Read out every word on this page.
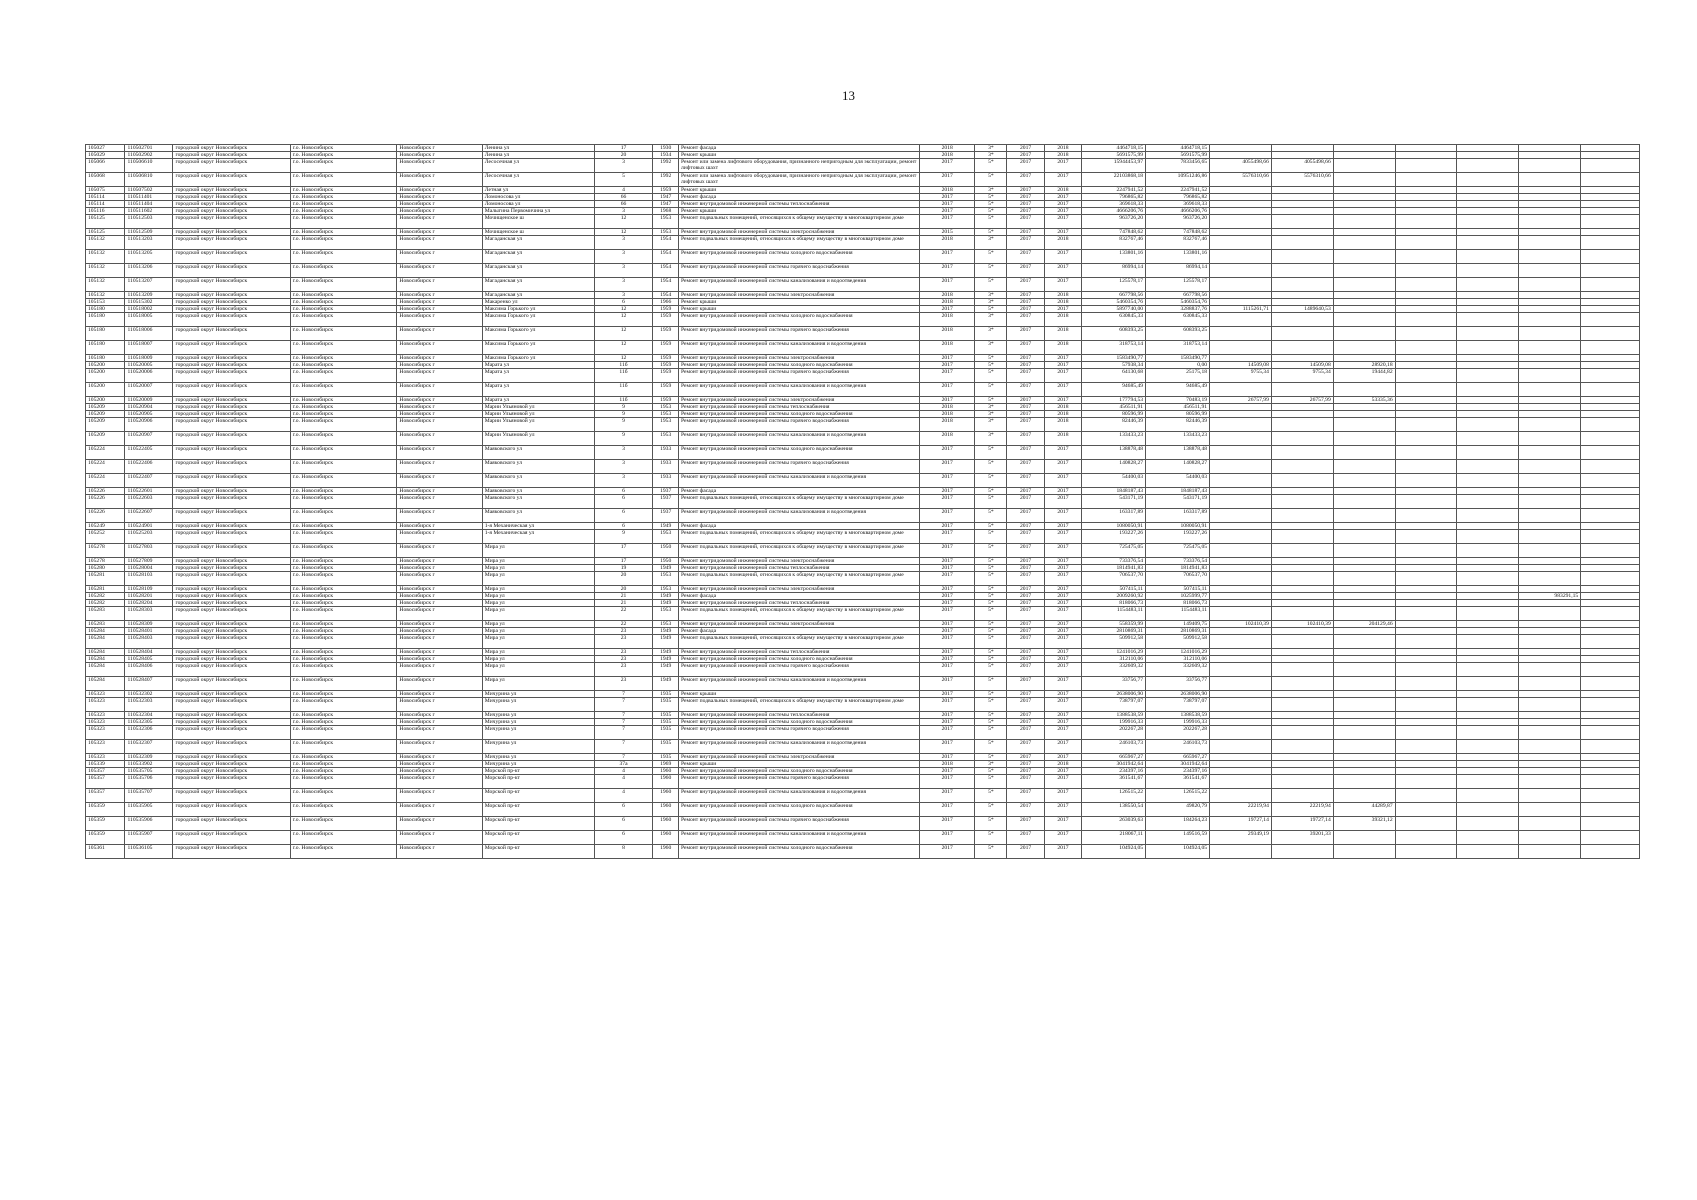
13
105027	110502701	городской округ Новосибирск	г.о. Новосибирск	Новосибирск г	Ленина ул	17	1930	Ремонт фасада	2018	3*	2017	2018	4464718,15	4464718,15							
105029	110502902	городской округ Новосибирск	г.о. Новосибирск	Новосибирск г	Ленина ул	20	1934	Ремонт крыши	2018	3*	2017	2018	5691575,99	5691575,99							
105066	110506610	городской округ Новосибирск	г.о. Новосибирск	Новосибирск г	Лесосечная ул	3	1992	Ремонт или замена лифтового оборудования, признанного непригодным для эксплуатации, ремонт лифтовых шахт	2017	5*	2017	2017	15944453,97	7833456,65	4055498,66	4055498,66					
105068	110506810	городской округ Новосибирск	г.о. Новосибирск	Новосибирск г	Лесосечная ул	5	1992	Ремонт или замена лифтового оборудования, признанного непригодным для эксплуатации, ремонт лифтовых шахт	2017	5*	2017	2017	22103868,18	10951246,86	5576310,66	5576310,66					
105075	110507502	городской округ Новосибирск	г.о. Новосибирск	Новосибирск г	Летная ул	4	1959	Ремонт крыши	2018	3*	2017	2018	2247941,52	2247941,52							
105114	110511401	городской округ Новосибирск	г.о. Новосибирск	Новосибирск г	Ломоносова ул	66	1947	Ремонт фасада	2017	5*	2017	2017	796865,82	796865,82							
105114	110511404	городской округ Новосибирск	г.о. Новосибирск	Новосибирск г	Ломоносова ул	66	1947	Ремонт внутридомовой инженерной системы теплоснабжения	2017	5*	2017	2017	369618,33	369618,33							
105116	110511602	городской округ Новосибирск	г.о. Новосибирск	Новосибирск г	Малыгина Первомичина ул	3	1968	Ремонт крыши	2017	5*	2017	2017	4666206,76	4666206,76							
105125	110512503	городской округ Новосибирск	г.о. Новосибирск	Новосибирск г	Мочищенское ш	12	1953	Ремонт подвальных помещений, относящихся к общему имуществу в многоквартирном доме	2017	5*	2017	2017	963726,20	963726,20							
105125	110512509	городской округ Новосибирск	г.о. Новосибирск	Новосибирск г	Мочищенское ш	12	1953	Ремонт внутридомовой инженерной системы электроснабжения	2015	5*	2017	2017	747848,62	747848,62							
105132	110513203	городской округ Новосибирск	г.о. Новосибирск	Новосибирск г	Магаданская ул	3	1954	Ремонт подвальных помещений, относящихся к общему имуществу в многоквартирном доме	2018	3*	2017	2018	832767,46	832767,46							
105132	110513205	городской округ Новосибирск	г.о. Новосибирск	Новосибирск г	Магаданская ул	3	1954	Ремонт внутридомовой инженерной системы холодного водоснабжения	2017	5*	2017	2017	133801,16	133801,16							
105132	110513206	городской округ Новосибирск	г.о. Новосибирск	Новосибирск г	Магаданская ул	3	1954	Ремонт внутридомовой инженерной системы горячего водоснабжения	2017	5*	2017	2017	86994,14	86994,14							
105132	110513207	городской округ Новосибирск	г.о. Новосибирск	Новосибирск г	Магаданская ул	3	1954	Ремонт внутридомовой инженерной системы канализования и водоотведения	2017	5*	2017	2017	125578,17	125578,17							
105132	110513209	городской округ Новосибирск	г.о. Новосибирск	Новосибирск г	Магаданская ул	3	1954	Ремонт внутридомовой инженерной системы электроснабжения	2018	3*	2017	2018	667798,56	667798,56							
105153	110515302	городской округ Новосибирск	г.о. Новосибирск	Новосибирск г	Макаренко ул	6	1966	Ремонт крыши	2018	3*	2017	2018	5460354,76	5460354,76							
105180	110518002	городской округ Новосибирск	г.о. Новосибирск	Новосибирск г	Максима Горького ул	12	1959	Ремонт крыши	2017	5*	2017	2017	5897740,00	3288837,76	1115261,71	1489640,53					
105180	110518005	городской округ Новосибирск	г.о. Новосибирск	Новосибирск г	Максима Горького ул	12	1959	Ремонт внутридомовой инженерной системы холодного водоснабжения	2018	3*	2017	2018	630845,33	630845,33							
105180	110518006	городской округ Новосибирск	г.о. Новосибирск	Новосибирск г	Максима Горького ул	12	1959	Ремонт внутридомовой инженерной системы горячего водоснабжения	2018	3*	2017	2018	608393,25	608393,25							
105180	110518007	городской округ Новосибирск	г.о. Новосибирск	Новосибирск г	Максима Горького ул	12	1959	Ремонт внутридомовой инженерной системы канализования и водоотведения	2018	3*	2017	2018	318753,14	318753,14							
105180	110518009	городской округ Новосибирск	г.о. Новосибирск	Новосибирск г	Максима Горького ул	12	1959	Ремонт внутридомовой инженерной системы электроснабжения	2017	5*	2017	2017	1583490,77	1583490,77							
105200	110520005	городской округ Новосибирск	г.о. Новосибирск	Новосибирск г	Марата ул	11б	1959	Ремонт внутридомовой инженерной системы холодного водоснабжения	2017	5*	2017	2017	57938,34	0,00	14509,08	14509,08	28920,18				
105200	110520006	городской округ Новосибирск	г.о. Новосибирск	Новосибирск г	Марата ул	11б	1959	Ремонт внутридомовой инженерной системы горячего водоснабжения	2017	5*	2017	2017	64130,68	25175,18	9755,34	9755,34	19444,82				
105200	110520007	городской округ Новосибирск	г.о. Новосибирск	Новосибирск г	Марата ул	11б	1959	Ремонт внутридомовой инженерной системы канализования и водоотведения	2017	5*	2017	2017	94685,49	94685,49							
105200	110520009	городской округ Новосибирск	г.о. Новосибирск	Новосибирск г	Марата ул	11б	1959	Ремонт внутридомовой инженерной системы электроснабжения	2017	5*	2017	2017	177794,53	70483,19	26757,99	26757,99	53335,36				
105209	110520904	городской округ Новосибирск	г.о. Новосибирск	Новосибирск г	Марии Ульяновой ул	9	1953	Ремонт внутридомовой инженерной системы теплоснабжения	2018	3*	2017	2018	456511,91	456511,91							
105209	110520905	городской округ Новосибирск	г.о. Новосибирск	Новосибирск г	Марии Ульяновой ул	9	1953	Ремонт внутридомовой инженерной системы холодного водоснабжения	2018	3*	2017	2018	80596,99	80596,99							
105209	110520906	городской округ Новосибирск	г.о. Новосибирск	Новосибирск г	Марии Ульяновой ул	9	1953	Ремонт внутридомовой инженерной системы горячего водоснабжения	2018	3*	2017	2018	82446,39	82446,39							
105209	110520907	городской округ Новосибирск	г.о. Новосибирск	Новосибирск г	Марии Ульяновой ул	9	1953	Ремонт внутридомовой инженерной системы канализования и водоотведения	2018	3*	2017	2018	133433,23	133433,23							
105224	110522405	городской округ Новосибирск	г.о. Новосибирск	Новосибирск г	Маяковского ул	3	1933	Ремонт внутридомовой инженерной системы холодного водоснабжения	2017	5*	2017	2017	138878,48	138878,48							
105224	110522406	городской округ Новосибирск	г.о. Новосибирск	Новосибирск г	Маяковского ул	3	1933	Ремонт внутридомовой инженерной системы горячего водоснабжения	2017	5*	2017	2017	140828,27	140828,27							
105224	110522407	городской округ Новосибирск	г.о. Новосибирск	Новосибирск г	Маяковского ул	3	1933	Ремонт внутридомовой инженерной системы канализования и водоотведения	2017	5*	2017	2017	54400,03	54400,03							
105226	110522601	городской округ Новосибирск	г.о. Новосибирск	Новосибирск г	Маяковского ул	6	1937	Ремонт фасада	2017	5*	2017	2017	1848187,43	1848187,43							
105226	110522603	городской округ Новосибирск	г.о. Новосибирск	Новосибирск г	Маяковского ул	6	1937	Ремонт подвальных помещений, относящихся к общему имуществу в многоквартирном доме	2017	5*	2017	2017	543171,19	543171,19							
105226	110522607	городской округ Новосибирск	г.о. Новосибирск	Новосибирск г	Маяковского ул	6	1937	Ремонт внутридомовой инженерной системы канализования и водоотведения	2017	5*	2017	2017	163317,89	163317,89							
105249	110524901	городской округ Новосибирск	г.о. Новосибирск	Новосибирск г	1-я Механическая ул	6	1949	Ремонт фасада	2017	5*	2017	2017	1080050,91	1080050,91							
105252	110525203	городской округ Новосибирск	г.о. Новосибирск	Новосибирск г	1-я Механическая ул	9	1953	Ремонт подвальных помещений, относящихся к общему имуществу в многоквартирном доме	2017	5*	2017	2017	193227,26	193227,26							
105278	110527803	городской округ Новосибирск	г.о. Новосибирск	Новосибирск г	Мира ул	17	1950	Ремонт подвальных помещений, относящихся к общему имуществу в многоквартирном доме	2017	5*	2017	2017	725475,05	725475,05							
105278	110527809	городской округ Новосибирск	г.о. Новосибирск	Новосибирск г	Мира ул	17	1950	Ремонт внутридомовой инженерной системы электроснабжения	2017	5*	2017	2017	733376,54	733376,54							
105280	110528004	городской округ Новосибирск	г.о. Новосибирск	Новосибирск г	Мира ул	19	1949	Ремонт внутридомовой инженерной системы теплоснабжения	2017	5*	2017	2017	1814941,83	1814941,83							
105281	110528103	городской округ Новосибирск	г.о. Новосибирск	Новосибирск г	Мира ул	20	1953	Ремонт подвальных помещений, относящихся к общему имуществу в многоквартирном доме	2017	5*	2017	2017	706537,70	706537,70							
105281	110528109	городской округ Новосибирск	г.о. Новосибирск	Новосибирск г	Мира ул	20	1953	Ремонт внутридомовой инженерной системы электроснабжения	2017	5*	2017	2017	507415,11	507415,11							
105282	110528201	городской округ Новосибирск	г.о. Новосибирск	Новосибирск г	Мира ул	21	1949	Ремонт фасада	2017	5*	2017	2017	2009260,92	1025999,77						983291,15	
105282	110528204	городской округ Новосибирск	г.о. Новосибирск	Новосибирск г	Мира ул	21	1949	Ремонт внутридомовой инженерной системы теплоснабжения	2017	5*	2017	2017	818066,73	818066,73							
105283	110528303	городской округ Новосибирск	г.о. Новосибирск	Новосибирск г	Мира ул	22	1953	Ремонт подвальных помещений, относящихся к общему имуществу в многоквартирном доме	2017	5*	2017	2017	1154483,11	1154483,11							
105283	110528309	городской округ Новосибирск	г.о. Новосибирск	Новосибирск г	Мира ул	22	1953	Ремонт внутридомовой инженерной системы электроснабжения	2017	5*	2017	2017	558359,99	149409,75	102410,39	102410,39	204129,46				
105284	110528401	городской округ Новосибирск	г.о. Новосибирск	Новосибирск г	Мира ул	23	1949	Ремонт фасада	2017	5*	2017	2017	2810869,31	2810869,31							
105284	110528403	городской округ Новосибирск	г.о. Новосибирск	Новосибирск г	Мира ул	23	1949	Ремонт подвальных помещений, относящихся к общему имуществу в многоквартирном доме	2017	5*	2017	2017	509912,58	509912,58							
105284	110528404	городской округ Новосибирск	г.о. Новосибирск	Новосибирск г	Мира ул	23	1949	Ремонт внутридомовой инженерной системы теплоснабжения	2017	5*	2017	2017	1241016,29	1241016,29							
105284	110528405	городской округ Новосибирск	г.о. Новосибирск	Новосибирск г	Мира ул	23	1949	Ремонт внутридомовой инженерной системы холодного водоснабжения	2017	5*	2017	2017	312110,06	312110,06							
105284	110528406	городской округ Новосибирск	г.о. Новосибирск	Новосибирск г	Мира ул	23	1949	Ремонт внутридомовой инженерной системы горячего водоснабжения	2017	5*	2017	2017	332609,32	332609,32							
105284	110528407	городской округ Новосибирск	г.о. Новосибирск	Новосибирск г	Мира ул	23	1949	Ремонт внутридомовой инженерной системы канализования и водоотведения	2017	5*	2017	2017	33756,77	33756,77							
105323	110532302	городской округ Новосибирск	г.о. Новосибирск	Новосибирск г	Мичурина ул	7	1935	Ремонт крыши	2017	5*	2017	2017	2638006,90	2638006,90							
105323	110532303	городской округ Новосибирск	г.о. Новосибирск	Новосибирск г	Мичурина ул	7	1935	Ремонт подвальных помещений, относящихся к общему имуществу в многоквартирном доме	2017	5*	2017	2017	738797,07	738797,07							
105323	110532304	городской округ Новосибирск	г.о. Новосибирск	Новосибирск г	Мичурина ул	7	1935	Ремонт внутридомовой инженерной системы теплоснабжения	2017	5*	2017	2017	1388538,59	1388538,59							
105323	110532305	городской округ Новосибирск	г.о. Новосибирск	Новосибирск г	Мичурина ул	7	1935	Ремонт внутридомовой инженерной системы холодного водоснабжения	2017	5*	2017	2017	199916,33	199916,33							
105323	110532306	городской округ Новосибирск	г.о. Новосибирск	Новосибирск г	Мичурина ул	7	1935	Ремонт внутридомовой инженерной системы горячего водоснабжения	2017	5*	2017	2017	202267,28	202267,28							
105323	110532307	городской округ Новосибирск	г.о. Новосибирск	Новосибирск г	Мичурина ул	7	1935	Ремонт внутридомовой инженерной системы канализования и водоотведения	2017	5*	2017	2017	246103,73	246103,73							
105323	110532309	городской округ Новосибирск	г.о. Новосибирск	Новосибирск г	Мичурина ул	7	1935	Ремонт внутридомовой инженерной системы электроснабжения	2017	5*	2017	2017	665967,27	665967,27							
105339	110533902	городской округ Новосибирск	г.о. Новосибирск	Новосибирск г	Мичурина ул	37а	1969	Ремонт крыши	2018	3*	2017	2018	3041942,64	3041942,64							
105357	110535705	городской округ Новосибирск	г.о. Новосибирск	Новосибирск г	Морской пр-кт	4	1960	Ремонт внутридомовой инженерной системы холодного водоснабжения	2017	5*	2017	2017	234397,16	234397,16							
105357	110535706	городской округ Новосибирск	г.о. Новосибирск	Новосибирск г	Морской пр-кт	4	1960	Ремонт внутридомовой инженерной системы горячего водоснабжения	2017	5*	2017	2017	361541,67	361541,67							
105357	110535707	городской округ Новосибирск	г.о. Новосибирск	Новосибирск г	Морской пр-кт	4	1960	Ремонт внутридомовой инженерной системы канализования и водоотведения	2017	5*	2017	2017	126515,22	126515,22							
105359	110535905	городской округ Новосибирск	г.о. Новосибирск	Новосибирск г	Морской пр-кт	6	1960	Ремонт внутридомовой инженерной системы холодного водоснабжения	2017	5*	2017	2017	138550,54	49820,79	22219,94	22219,94	44289,87				
105359	110535906	городской округ Новосибирск	г.о. Новосибирск	Новосибирск г	Морской пр-кт	6	1960	Ремонт внутридомовой инженерной системы горячего водоснабжения	2017	5*	2017	2017	263039,63	184264,23	19727,14	19727,14	39321,12				
105359	110535907	городской округ Новосибирск	г.о. Новосибирск	Новосибирск г	Морской пр-кт	6	1960	Ремонт внутридомовой инженерной системы канализования и водоотведения	2017	5*	2017	2017	218067,11	149516,59	29349,19	39201,33					
105361	110536105	городской округ Новосибирск	г.о. Новосибирск	Новосибирск г	Морской пр-кт	8	1960	Ремонт внутридомовой инженерной системы холодного водоснабжения	2017	5*	2017	2017	104924,05	104924,05							
